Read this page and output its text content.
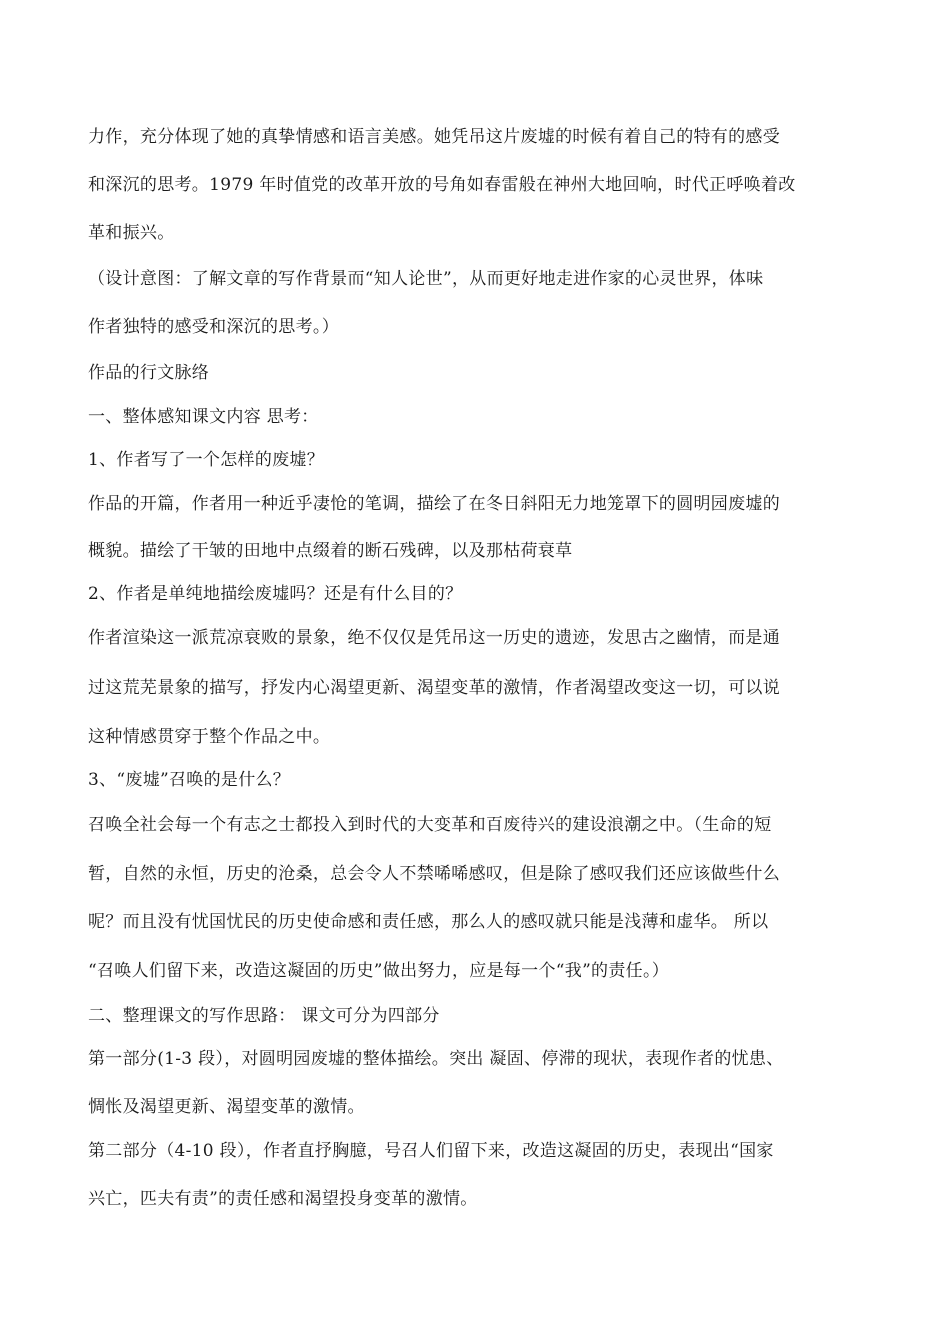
力作，充分体现了她的真挚情感和语言美感。她凭吊这片废墟的时候有着自己的特有的感受
和深沉的思考。1979 年时值党的改革开放的号角如春雷般在神州大地回响，时代正呼唤着改
革和振兴。
（设计意图：了解文章的写作背景而“知人论世”，从而更好地走进作家的心灵世界，体味
作者独特的感受和深沉的思考。）
作品的行文脉络
一、整体感知课文内容 思考：
1、作者写了一个怎样的废墟？
作品的开篇，作者用一种近乎凄怆的笔调，描绘了在冬日斜阳无力地笼罩下的圆明园废墟的
概貌。描绘了干皱的田地中点缀着的断石残碑，以及那枯荷衰草
2、作者是单纯地描绘废墟吗？还是有什么目的？
作者渲染这一派荒凉衰败的景象，绝不仅仅是凭吊这一历史的遗迹，发思古之幽情，而是通
过这荒芜景象的描写，抒发内心渴望更新、渴望变革的激情，作者渴望改变这一切，可以说
这种情感贯穿于整个作品之中。
3、“废墟”召唤的是什么？
召唤全社会每一个有志之士都投入到时代的大变革和百废待兴的建设浪潮之中。（生命的短
暂，自然的永恒，历史的沧桑，总会令人不禁唏唏感叹，但是除了感叹我们还应该做些什么
呢？而且没有忧国忧民的历史使命感和责任感，那么人的感叹就只能是浅薄和虚华。 所以
“召唤人们留下来，改造这凝固的历史”做出努力，应是每一个“我”的责任。）
二、整理课文的写作思路： 课文可分为四部分
第一部分(1-3 段），对圆明园废墟的整体描绘。突出 凝固、停滞的现状，表现作者的忧患、
惆怅及渴望更新、渴望变革的激情。
第二部分（4-10 段），作者直抒胸臆，号召人们留下来，改造这凝固的历史，表现出“国家
兴亡，匹夫有责”的责任感和渴望投身变革的激情。
